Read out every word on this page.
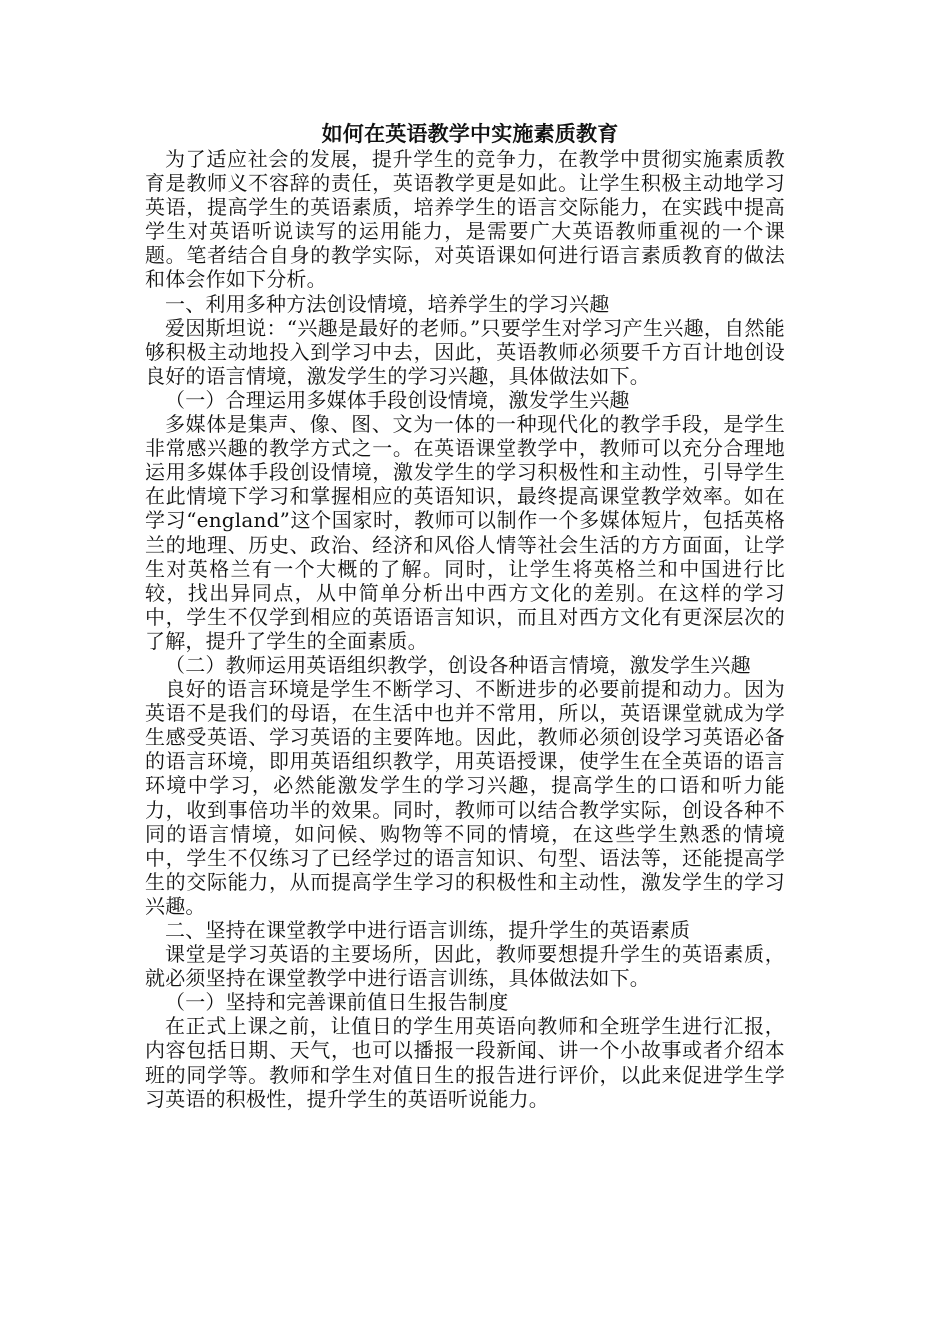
如何在英语教学中实施素质教育

为了适应社会的发展，提升学生的竞争力，在教学中贯彻实施素质教育是教师义不容辞的责任，英语教学更是如此。让学生积极主动地学习英语，提高学生的英语素质，培养学生的语言交际能力，在实践中提高学生对英语听说读写的运用能力，是需要广大英语教师重视的一个课题。笔者结合自身的教学实际，对英语课如何进行语言素质教育的做法和体会作如下分析。

一、利用多种方法创设情境，培养学生的学习兴趣

爱因斯坦说：“兴趣是最好的老师。”只要学生对学习产生兴趣，自然能够积极主动地投入到学习中去，因此，英语教师必须要千方百计地创设良好的语言情境，激发学生的学习兴趣，具体做法如下。

（一）合理运用多媒体手段创设情境，激发学生兴趣

多媒体是集声、像、图、文为一体的一种现代化的教学手段，是学生非常感兴趣的教学方式之一。在英语课堂教学中，教师可以充分合理地运用多媒体手段创设情境，激发学生的学习积极性和主动性，引导学生在此情境下学习和掌握相应的英语知识，最终提高课堂教学效率。如在学习“england”这个国家时，教师可以制作一个多媒体短片，包括英格兰的地理、历史、政治、经济和风俗人情等社会生活的方方面面，让学生对英格兰有一个大概的了解。同时，让学生将英格兰和中国进行比较，找出异同点，从中简单分析出中西方文化的差别。在这样的学习中，学生不仅学到相应的英语语言知识，而且对西方文化有更深层次的了解，提升了学生的全面素质。

（二）教师运用英语组织教学，创设各种语言情境，激发学生兴趣

良好的语言环境是学生不断学习、不断进步的必要前提和动力。因为英语不是我们的母语，在生活中也并不常用，所以，英语课堂就成为学生感受英语、学习英语的主要阵地。因此，教师必须创设学习英语必备的语言环境，即用英语组织教学，用英语授课，使学生在全英语的语言环境中学习，必然能激发学生的学习兴趣，提高学生的口语和听力能力，收到事倍功半的效果。同时，教师可以结合教学实际，创设各种不同的语言情境，如问候、购物等不同的情境，在这些学生熟悉的情境中，学生不仅练习了已经学过的语言知识、句型、语法等，还能提高学生的交际能力，从而提高学生学习的积极性和主动性，激发学生的学习兴趣。

二、坚持在课堂教学中进行语言训练，提升学生的英语素质

课堂是学习英语的主要场所，因此，教师要想提升学生的英语素质，就必须坚持在课堂教学中进行语言训练，具体做法如下。

（一）坚持和完善课前值日生报告制度

在正式上课之前，让值日的学生用英语向教师和全班学生进行汇报，内容包括日期、天气，也可以播报一段新闻、讲一个小故事或者介绍本班的同学等。教师和学生对值日生的报告进行评价，以此来促进学生学习英语的积极性，提升学生的英语听说能力。
